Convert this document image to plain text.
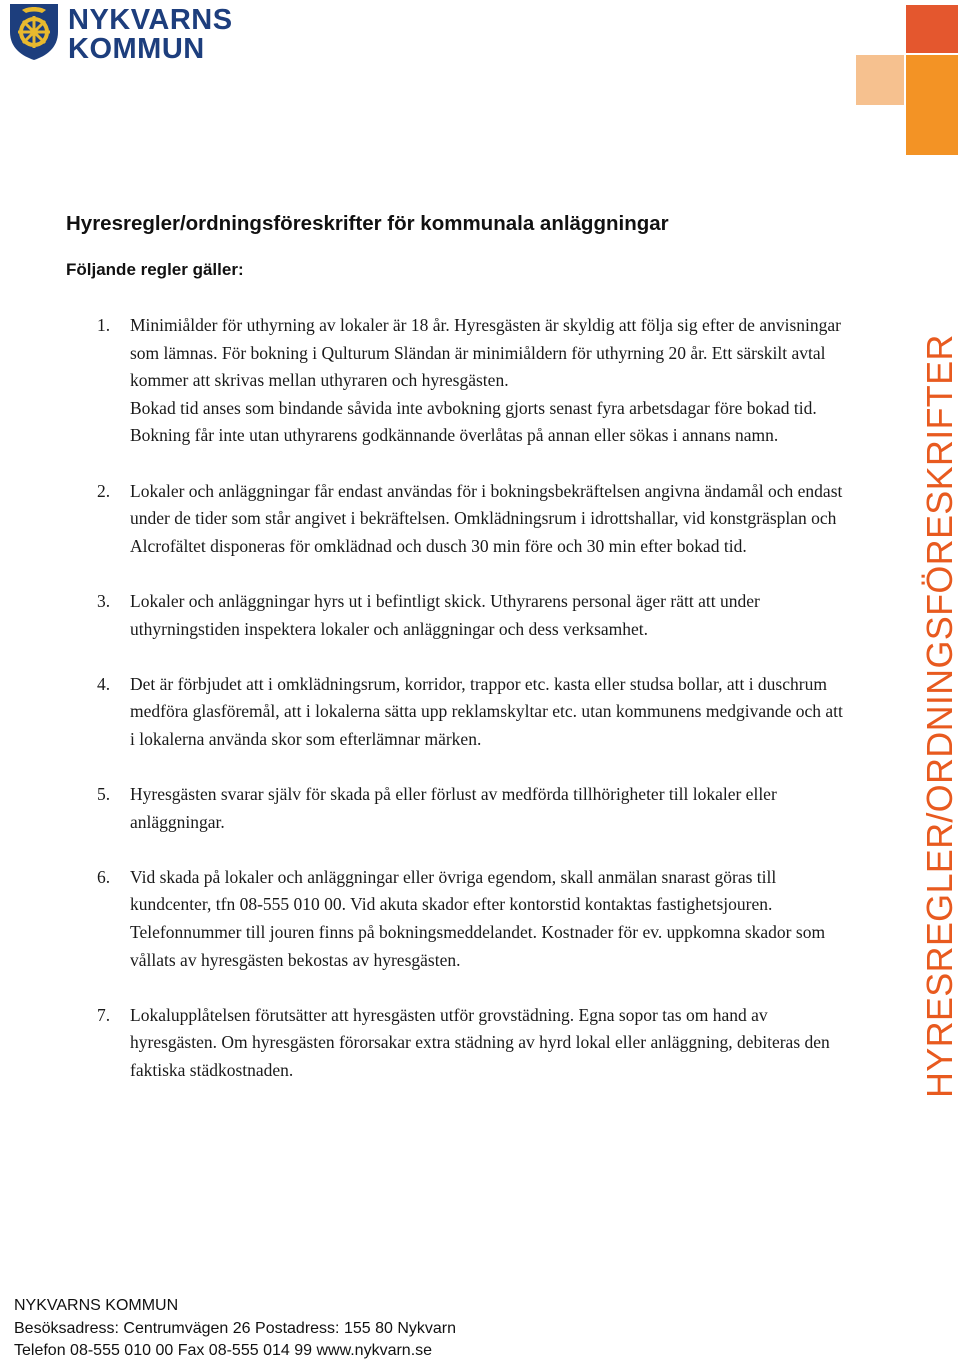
NYKVARNS
KOMMUN
HYRESREGLER/ORDNINGSFÖRESKRIFTER
Hyresregler/ordningsföreskrifter för kommunala anläggningar
Följande regler gäller:
1. Minimiålder för uthyrning av lokaler är 18 år. Hyresgästen är skyldig att följa sig efter de anvisningar som lämnas. För bokning i Qulturum Sländan är minimiåldern för uthyrning 20 år. Ett särskilt avtal kommer att skrivas mellan uthyraren och hyresgästen.

Bokad tid anses som bindande såvida inte avbokning gjorts senast fyra arbetsdagar före bokad tid. Bokning får inte utan uthyrarens godkännande överlåtas på annan eller sökas i annans namn.

2. Lokaler och anläggningar får endast användas för i bokningsbekräftelsen angivna ändamål och endast under de tider som står angivet i bekräftelsen. Omklädningsrum i idrottshallar, vid konstgräsplan och Alcrofältet disponeras för omklädnad och dusch 30 min före och 30 min efter bokad tid.

3. Lokaler och anläggningar hyrs ut i befintligt skick. Uthyrarens personal äger rätt att under uthyrningstiden inspektera lokaler och anläggningar och dess verksamhet.

4. Det är förbjudet att i omklädningsrum, korridor, trappor etc. kasta eller studsa bollar, att i duschrum medföra glasföremål, att i lokalerna sätta upp reklamskyltar etc. utan kommunens medgivande och att i lokalerna använda skor som efterlämnar märken.

5. Hyresgästen svarar själv för skada på eller förlust av medförda tillhörigheter till lokaler eller anläggningar.

6. Vid skada på lokaler och anläggningar eller övriga egendom, skall anmälan snarast göras till kundcenter, tfn 08-555 010 00. Vid akuta skador efter kontorstid kontaktas fastighetsjouren. Telefonnummer till jouren finns på bokningsmeddelandet. Kostnader för ev. uppkomna skador som vållats av hyresgästen bekostas av hyresgästen.

7. Lokalupplåtelsen förutsätter att hyresgästen utför grovstädning. Egna sopor tas om hand av hyresgästen. Om hyresgästen förorsakar extra städning av hyrd lokal eller anläggning, debiteras den faktiska städkostnaden.

NYKVARNS KOMMUN
Besöksadress: Centrumvägen 26 Postadress: 155 80 Nykvarn
Telefon 08-555 010 00 Fax 08-555 014 99 www.nykvarn.se
